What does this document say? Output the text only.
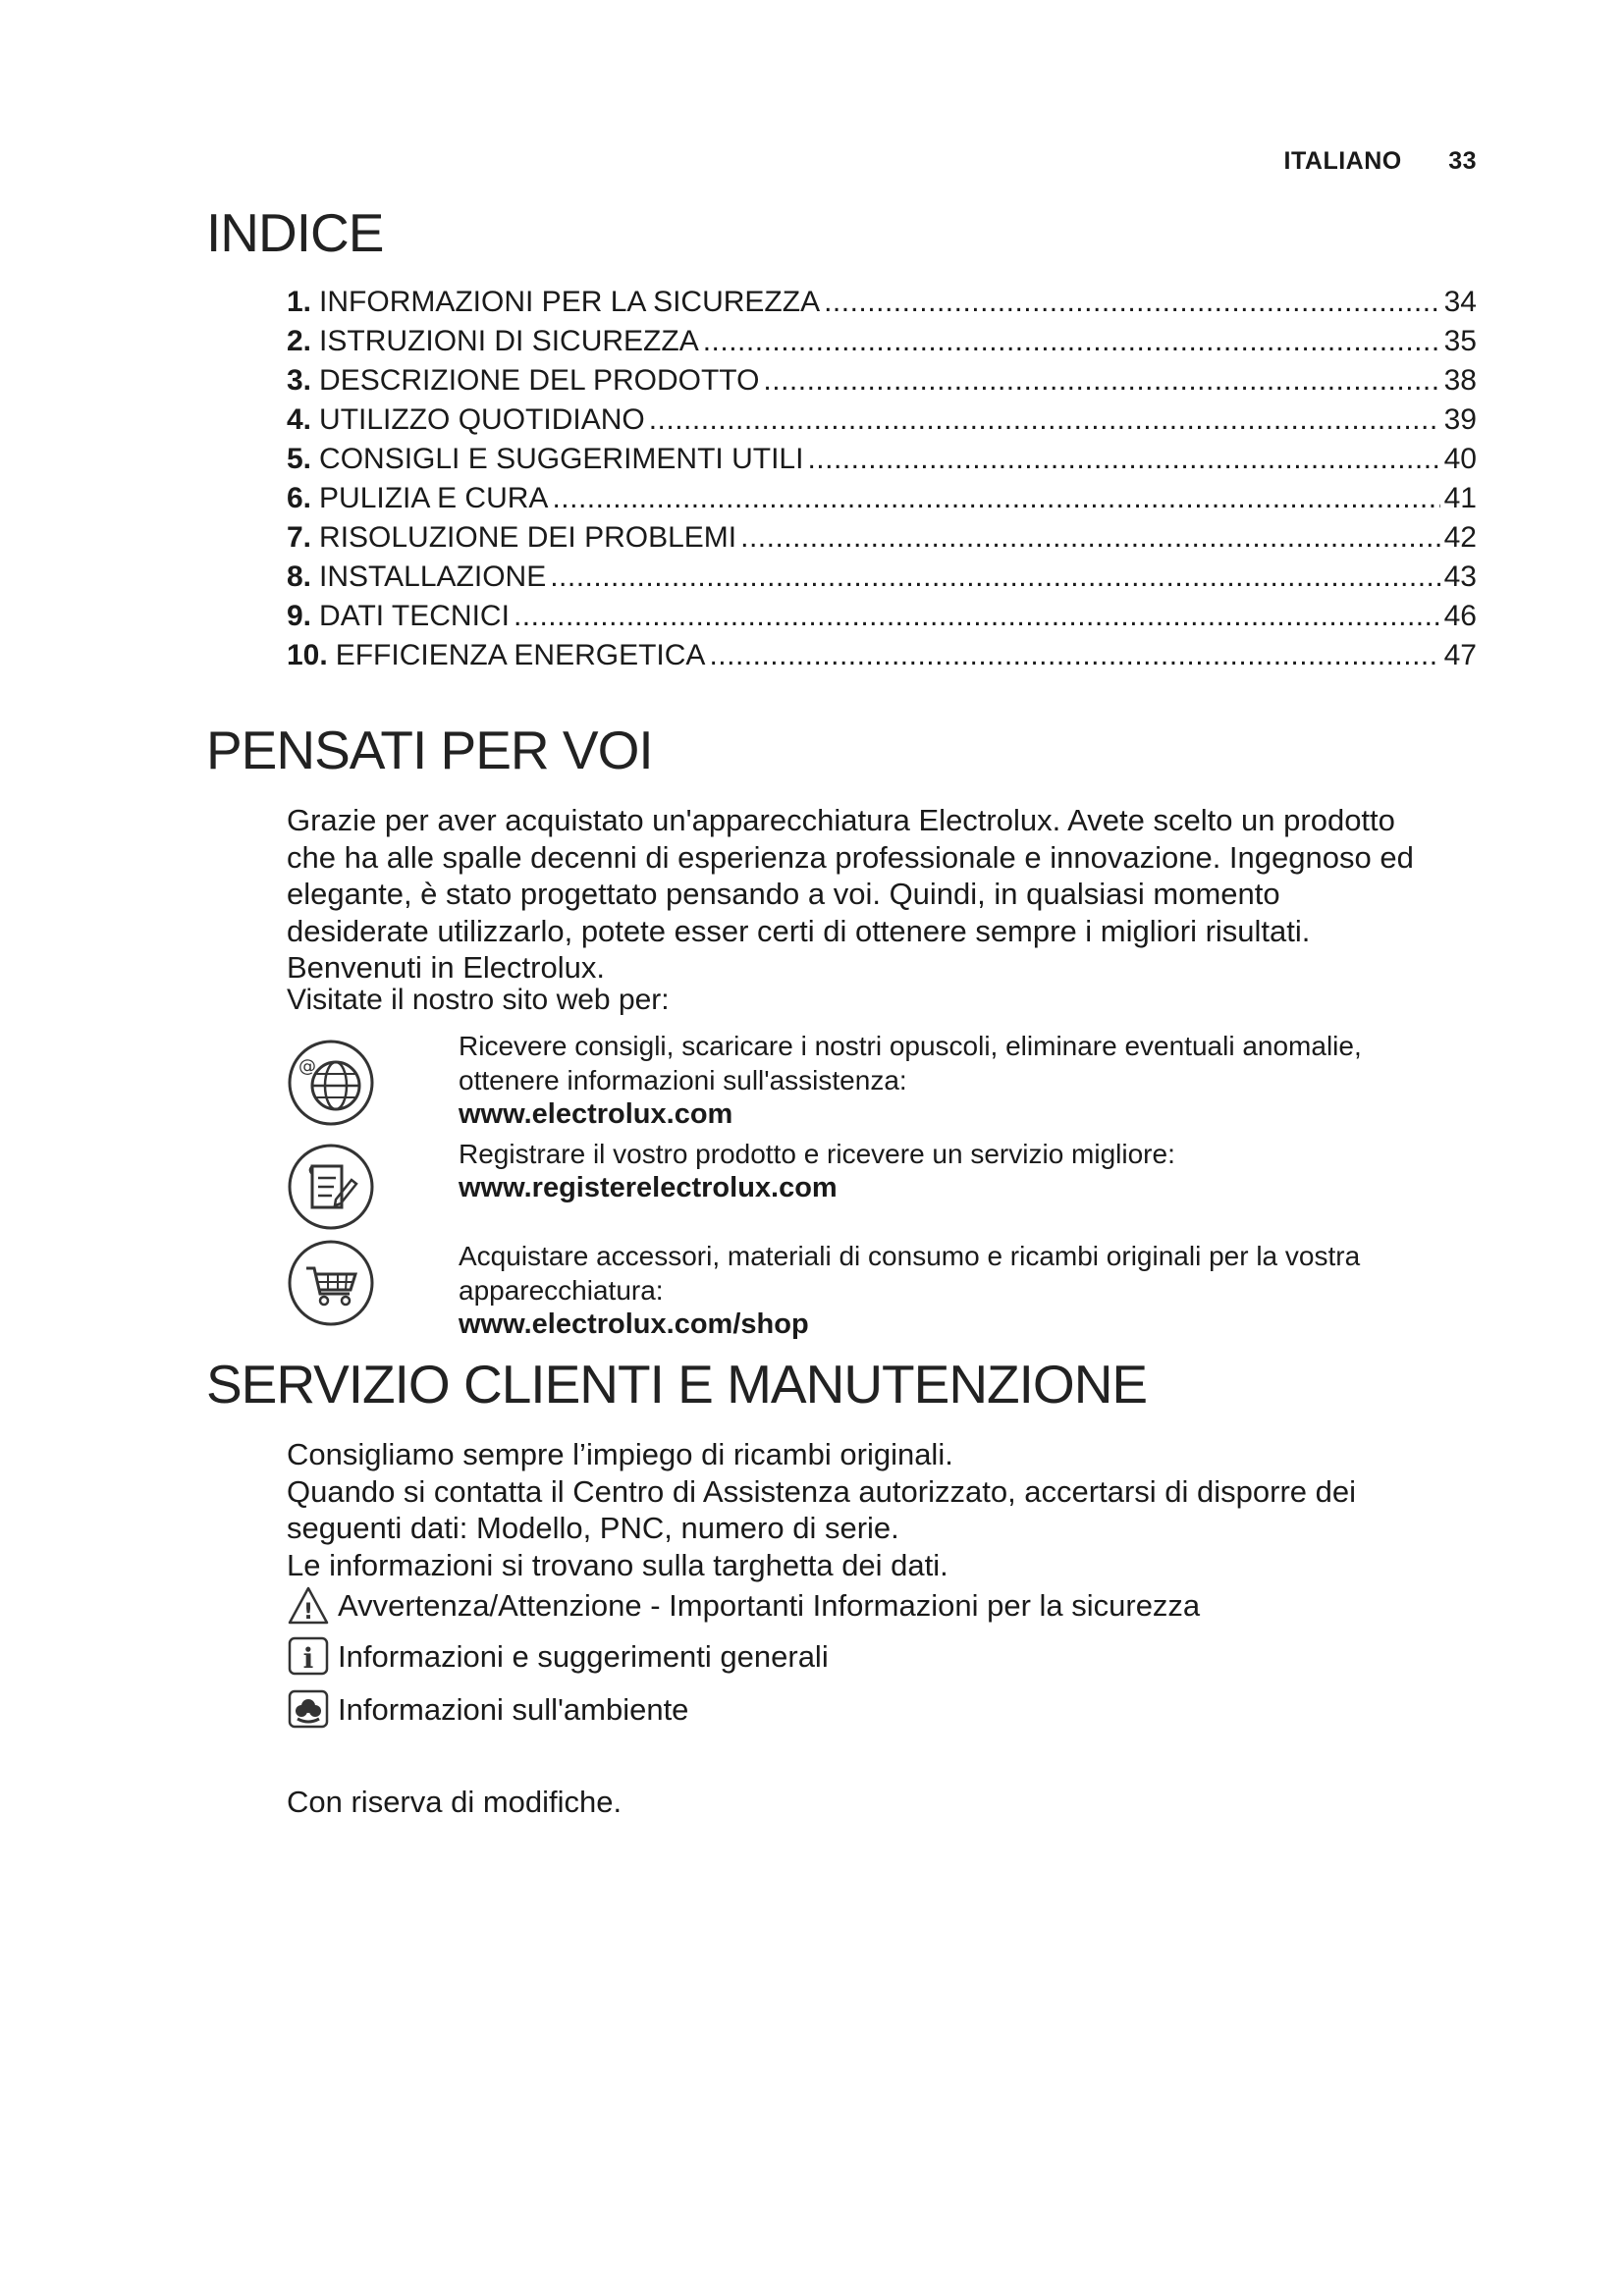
ITALIANO 33
INDICE
1. INFORMAZIONI PER LA SICUREZZA .....	34
2. ISTRUZIONI DI SICUREZZA .....	35
3. DESCRIZIONE DEL PRODOTTO .....	38
4. UTILIZZO QUOTIDIANO .....	39
5. CONSIGLI E SUGGERIMENTI UTILI .....	40
6. PULIZIA E CURA .....	41
7. RISOLUZIONE DEI PROBLEMI .....	42
8. INSTALLAZIONE .....	43
9. DATI TECNICI .....	46
10. EFFICIENZA ENERGETICA .....	47
PENSATI PER VOI

Grazie per aver acquistato un'apparecchiatura Electrolux. Avete scelto un prodotto

che ha alle spalle decenni di esperienza professionale e innovazione. Ingegnoso ed

elegante, è stato progettato pensando a voi. Quindi, in qualsiasi momento

desiderate utilizzarlo, potete esser certi di ottenere sempre i migliori risultati.

Benvenuti in Electrolux.

Visitate il nostro sito web per:
@
Ricevere consigli, scaricare i nostri opuscoli, eliminare eventuali anomalie,
ottenere informazioni sull'assistenza:
www.electrolux.com
Registrare il vostro prodotto e ricevere un servizio migliore:
www.registerelectrolux.com
Acquistare accessori, materiali di consumo e ricambi originali per la vostra
apparecchiatura:
www.electrolux.com/shop
SERVIZIO CLIENTI E MANUTENZIONE

Consigliamo sempre l’impiego di ricambi originali.

Quando si contatta il Centro di Assistenza autorizzato, accertarsi di disporre dei

seguenti dati: Modello, PNC, numero di serie.

Le informazioni si trovano sulla targhetta dei dati.

! Avvertenza/Attenzione - Importanti Informazioni per la sicurezza
i Informazioni e suggerimenti generali
Informazioni sull'ambiente
Con riserva di modifiche.
